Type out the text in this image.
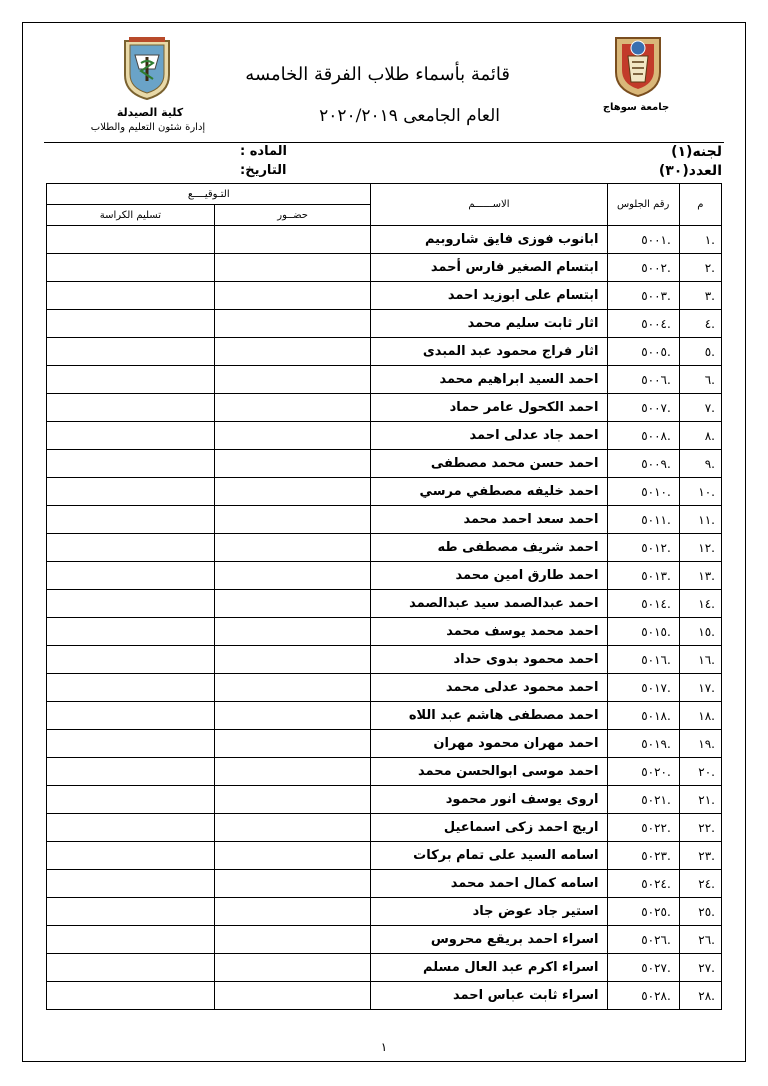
كلية الصيدلة
إدارة شئون التعليم والطلاب
جامعة سوهاج
قائمة بأسماء طلاب الفرقة الخامسه
العام الجامعى ٢٠٢٠/٢٠١٩
لجنه(١)
العدد(٣٠)
الماده :
التاريخ:
م	رقم الجلوس	الاســــــم	التـوقيــــع	
			حضــور	تسليم الكراسة
.١	.٥٠٠١	ابانوب فوزى فايق شاروبيم		
.٢	.٥٠٠٢	ابتسام الصغير فارس أحمد		
.٣	.٥٠٠٣	ابتسام على ابوزيد احمد		
.٤	.٥٠٠٤	اثار ثابت سليم محمد		
.٥	.٥٠٠٥	اثار فراج محمود عبد المبدى		
.٦	.٥٠٠٦	احمد السيد ابراهيم محمد		
.٧	.٥٠٠٧	احمد الكحول عامر حماد		
.٨	.٥٠٠٨	احمد جاد عدلى احمد		
.٩	.٥٠٠٩	احمد حسن محمد مصطفى		
.١٠	.٥٠١٠	احمد خليفه مصطفي مرسي		
.١١	.٥٠١١	احمد سعد احمد محمد		
.١٢	.٥٠١٢	احمد شريف مصطفى طه		
.١٣	.٥٠١٣	احمد طارق امين محمد		
.١٤	.٥٠١٤	احمد عبدالصمد سيد عبدالصمد		
.١٥	.٥٠١٥	احمد محمد يوسف محمد		
.١٦	.٥٠١٦	احمد محمود بدوى حداد		
.١٧	.٥٠١٧	احمد محمود عدلى محمد		
.١٨	.٥٠١٨	احمد مصطفى هاشم عبد اللاه		
.١٩	.٥٠١٩	احمد مهران محمود مهران		
.٢٠	.٥٠٢٠	احمد موسى ابوالحسن محمد		
.٢١	.٥٠٢١	اروى يوسف انور محمود		
.٢٢	.٥٠٢٢	اريج احمد زكى اسماعيل		
.٢٣	.٥٠٢٣	اسامه السيد على تمام بركات		
.٢٤	.٥٠٢٤	اسامه كمال احمد محمد		
.٢٥	.٥٠٢٥	استير جاد عوض جاد		
.٢٦	.٥٠٢٦	اسراء احمد بريقع محروس		
.٢٧	.٥٠٢٧	اسراء اكرم عبد العال مسلم		
.٢٨	.٥٠٢٨	اسراء ثابت عباس احمد		
١
